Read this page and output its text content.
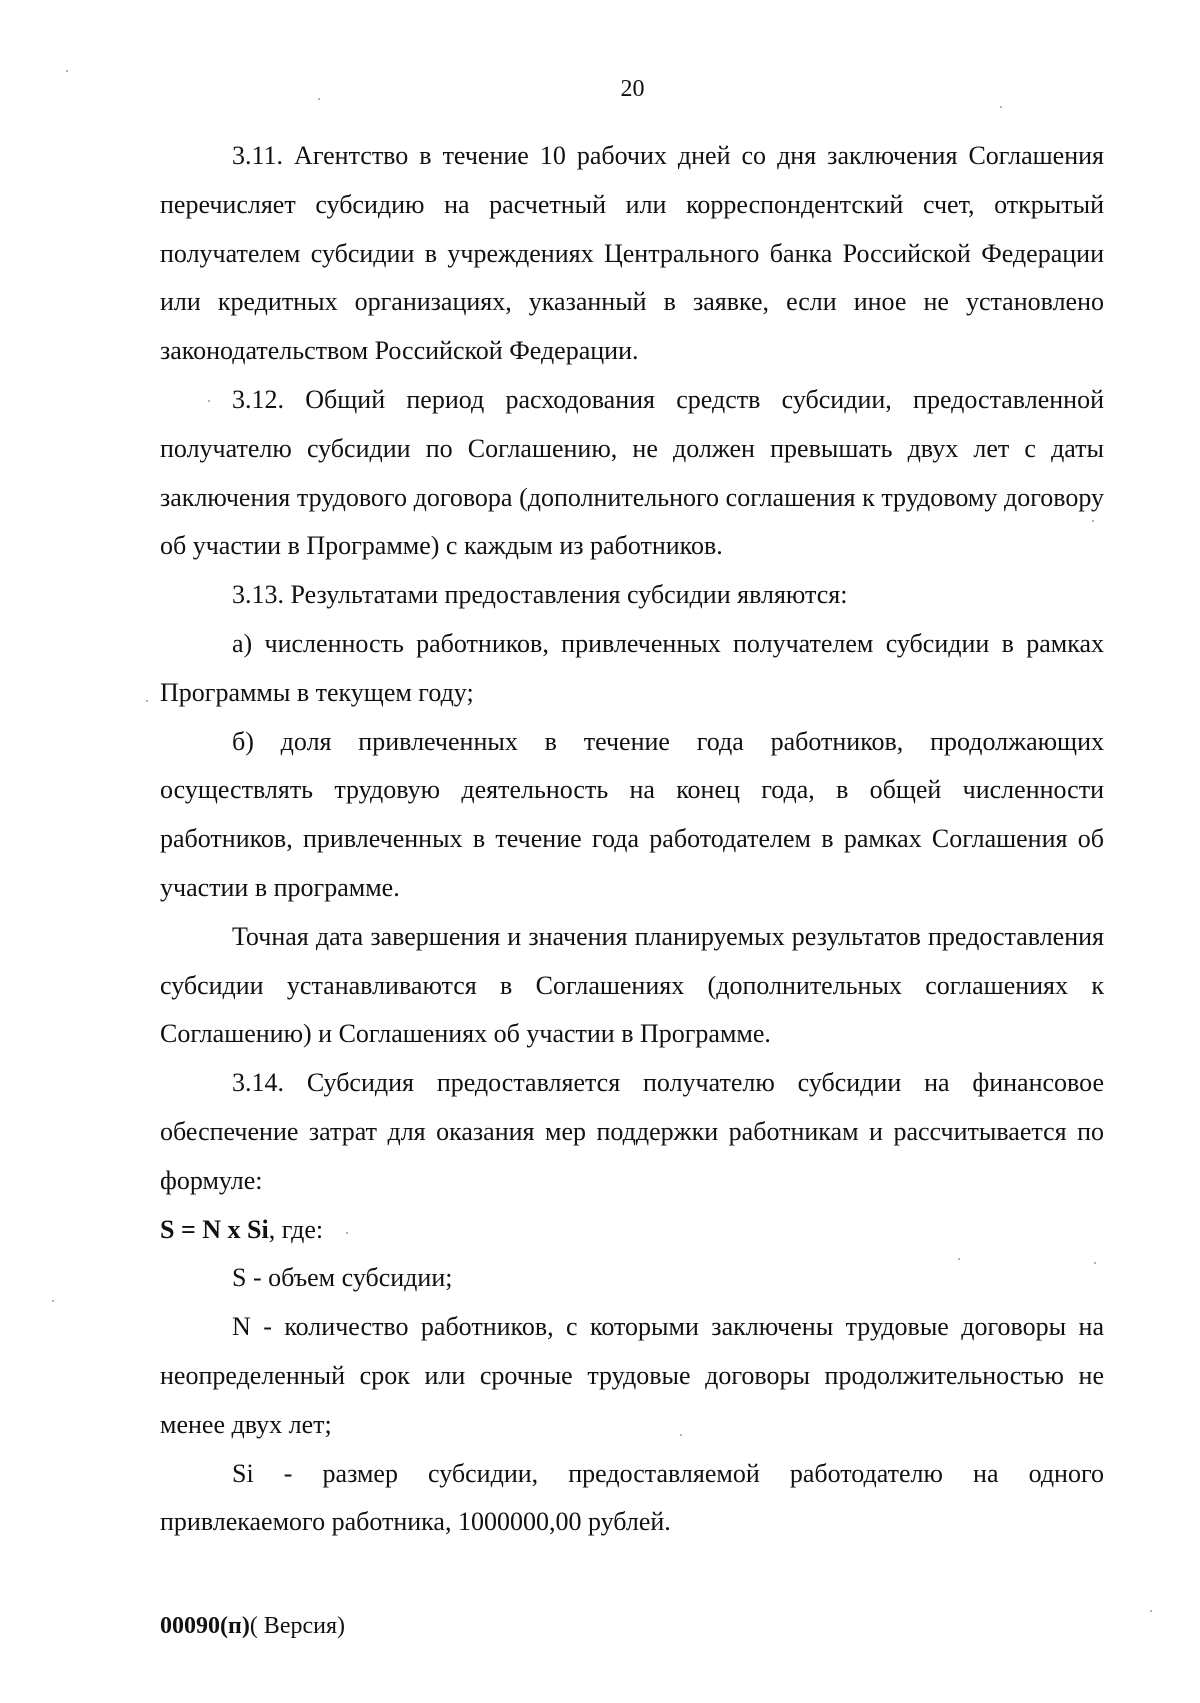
20

3.11. Агентство в течение 10 рабочих дней со дня заключения Соглашения перечисляет субсидию на расчетный или корреспондентский счет, открытый получателем субсидии в учреждениях Центрального банка Российской Федерации или кредитных организациях, указанный в заявке, если иное не установлено законодательством Российской Федерации.

3.12. Общий период расходования средств субсидии, предоставленной получателю субсидии по Соглашению, не должен превышать двух лет с даты заключения трудового договора (дополнительного соглашения к трудовому договору об участии в Программе) с каждым из работников.

3.13. Результатами предоставления субсидии являются:

а) численность работников, привлеченных получателем субсидии в рамках Программы в текущем году;

б) доля привлеченных в течение года работников, продолжающих осуществлять трудовую деятельность на конец года, в общей численности работников, привлеченных в течение года работодателем в рамках Соглашения об участии в программе.

Точная дата завершения и значения планируемых результатов предоставления субсидии устанавливаются в Соглашениях (дополнительных соглашениях к Соглашению) и Соглашениях об участии в Программе.

3.14. Субсидия предоставляется получателю субсидии на финансовое обеспечение затрат для оказания мер поддержки работникам и рассчитывается по формуле:

S = N x Si, где:

S - объем субсидии;

N - количество работников, с которыми заключены трудовые договоры на неопределенный срок или срочные трудовые договоры продолжительностью не менее двух лет;

Si - размер субсидии, предоставляемой работодателю на одного привлекаемого работника, 1000000,00 рублей.

00090(п)( Версия)
